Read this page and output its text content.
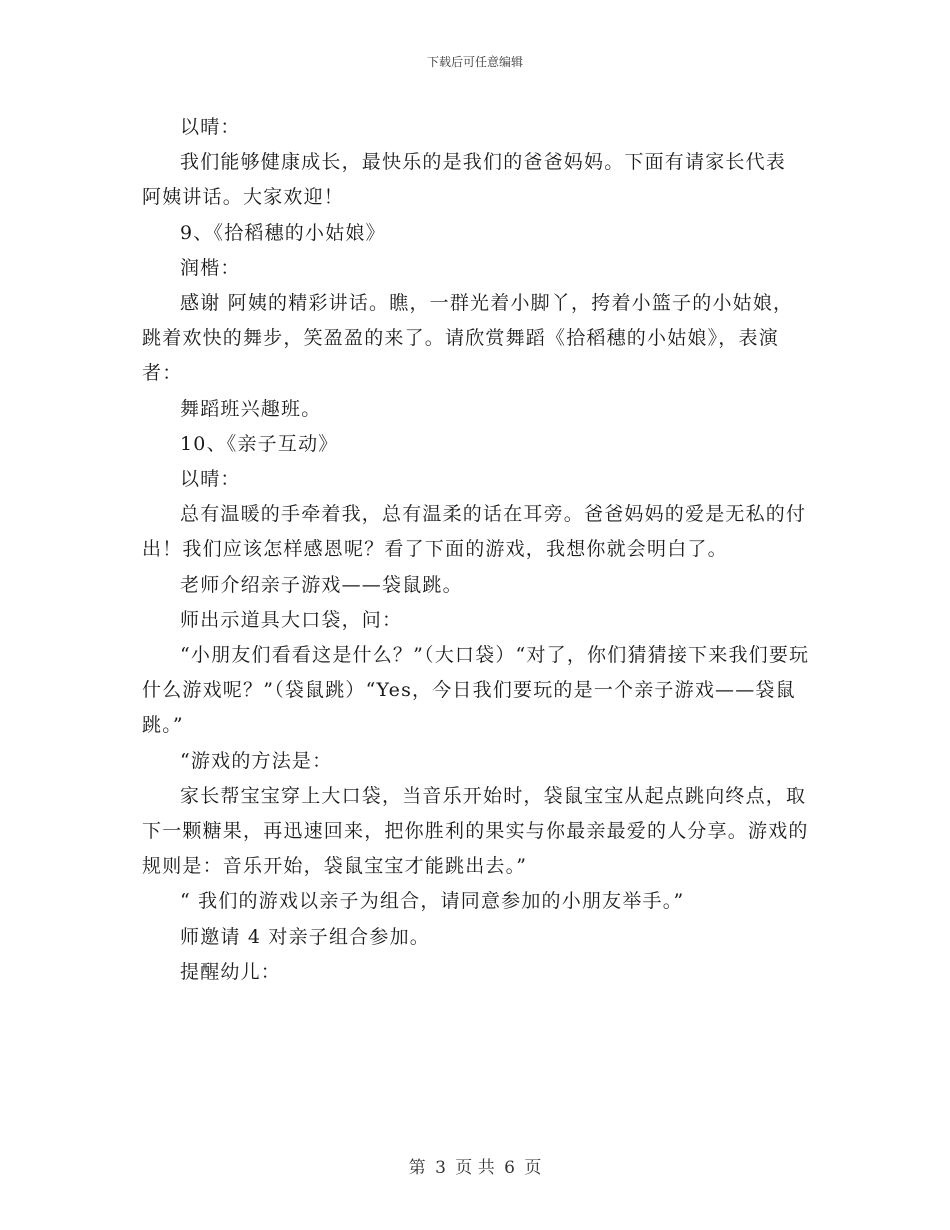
下载后可任意编辑

以晴：

我们能够健康成长，最快乐的是我们的爸爸妈妈。下面有请家长代表 阿姨讲话。大家欢迎！

9、《拾稻穗的小姑娘》

润楷：

感谢 阿姨的精彩讲话。瞧，一群光着小脚丫，挎着小篮子的小姑娘，跳着欢快的舞步，笑盈盈的来了。请欣赏舞蹈《拾稻穗的小姑娘》，表演者：

舞蹈班兴趣班。

10、《亲子互动》

以晴：

总有温暖的手牵着我，总有温柔的话在耳旁。爸爸妈妈的爱是无私的付出！我们应该怎样感恩呢？看了下面的游戏，我想你就会明白了。

老师介绍亲子游戏——袋鼠跳。

师出示道具大口袋，问：

“小朋友们看看这是什么？”（大口袋）“对了，你们猜猜接下来我们要玩什么游戏呢？”（袋鼠跳）“Yes，今日我们要玩的是一个亲子游戏——袋鼠跳。”

“游戏的方法是：

家长帮宝宝穿上大口袋，当音乐开始时，袋鼠宝宝从起点跳向终点，取下一颗糖果，再迅速回来，把你胜利的果实与你最亲最爱的人分享。游戏的规则是：音乐开始，袋鼠宝宝才能跳出去。”

“ 我们的游戏以亲子为组合，请同意参加的小朋友举手。”

师邀请 4 对亲子组合参加。

提醒幼儿：

第 3 页 共 6 页
